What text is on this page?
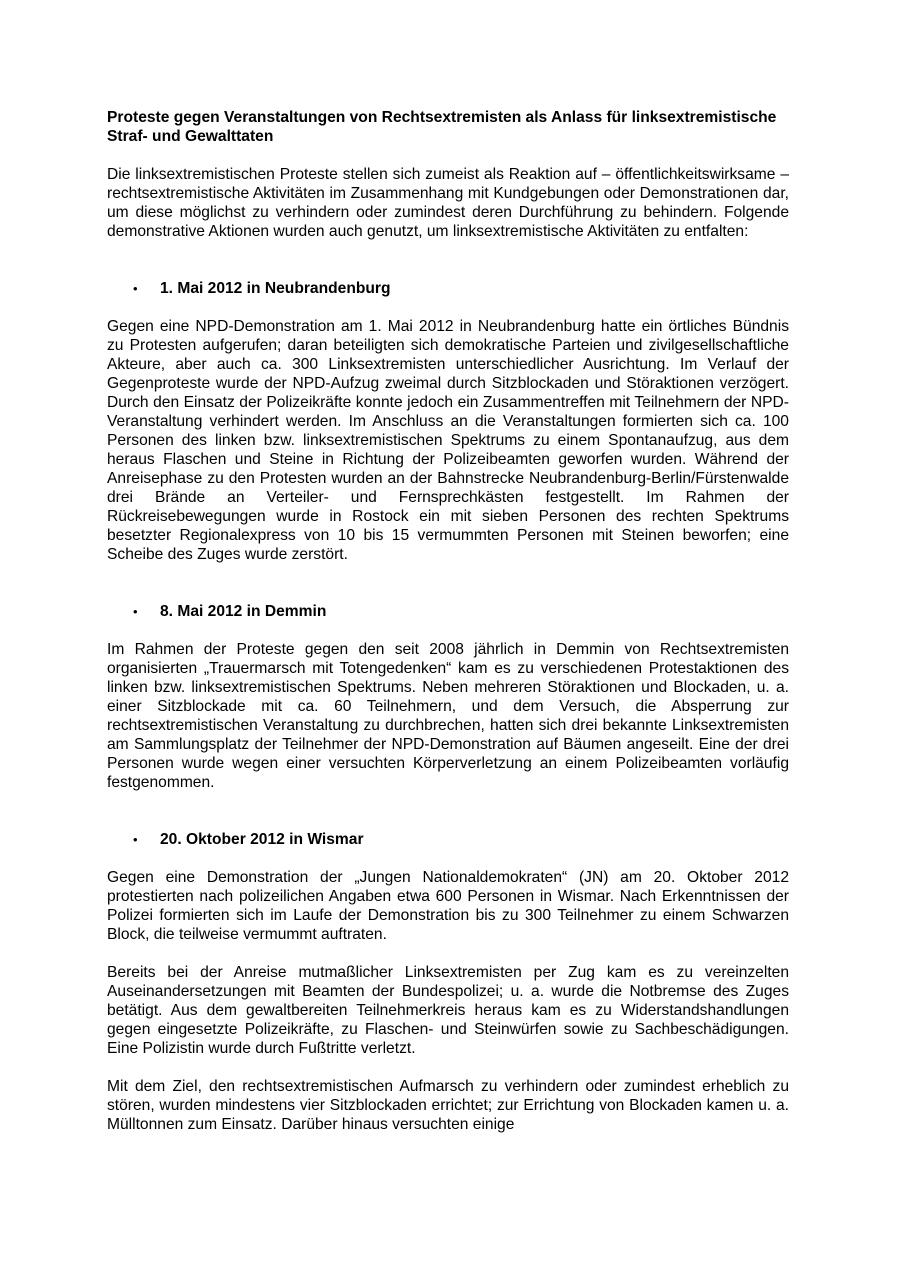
Proteste gegen Veranstaltungen von Rechtsextremisten als Anlass für linksextremistische Straf- und Gewalttaten

Die linksextremistischen Proteste stellen sich zumeist als Reaktion auf – öffentlichkeitswirksame – rechtsextremistische Aktivitäten im Zusammenhang mit Kundgebungen oder Demonstrationen dar, um diese möglichst zu verhindern oder zumindest deren Durchführung zu behindern. Folgende demonstrative Aktionen wurden auch genutzt, um linksextremistische Aktivitäten zu entfalten:

• 1. Mai 2012 in Neubrandenburg

Gegen eine NPD-Demonstration am 1. Mai 2012 in Neubrandenburg hatte ein örtliches Bündnis zu Protesten aufgerufen; daran beteiligten sich demokratische Parteien und zivilgesellschaftliche Akteure, aber auch ca. 300 Linksextremisten unterschiedlicher Ausrichtung. Im Verlauf der Gegenproteste wurde der NPD-Aufzug zweimal durch Sitzblockaden und Störaktionen verzögert. Durch den Einsatz der Polizeikräfte konnte jedoch ein Zusammentreffen mit Teilnehmern der NPD-Veranstaltung verhindert werden. Im Anschluss an die Veranstaltungen formierten sich ca. 100 Personen des linken bzw. linksextremistischen Spektrums zu einem Spontanaufzug, aus dem heraus Flaschen und Steine in Richtung der Polizeibeamten geworfen wurden. Während der Anreisephase zu den Protesten wurden an der Bahnstrecke Neubrandenburg-Berlin/Fürstenwalde drei Brände an Verteiler- und Fernsprechkästen festgestellt. Im Rahmen der Rückreisebewegungen wurde in Rostock ein mit sieben Personen des rechten Spektrums besetzter Regionalexpress von 10 bis 15 vermummten Personen mit Steinen beworfen; eine Scheibe des Zuges wurde zerstört.

• 8. Mai 2012 in Demmin

Im Rahmen der Proteste gegen den seit 2008 jährlich in Demmin von Rechtsextremisten organisierten „Trauermarsch mit Totengedenken“ kam es zu verschiedenen Protestaktionen des linken bzw. linksextremistischen Spektrums. Neben mehreren Störaktionen und Blockaden, u. a. einer Sitzblockade mit ca. 60 Teilnehmern, und dem Versuch, die Absperrung zur rechtsextremistischen Veranstaltung zu durchbrechen, hatten sich drei bekannte Linksextremisten am Sammlungsplatz der Teilnehmer der NPD-Demonstration auf Bäumen angeseilt. Eine der drei Personen wurde wegen einer versuchten Körperverletzung an einem Polizeibeamten vorläufig festgenommen.

• 20. Oktober 2012 in Wismar

Gegen eine Demonstration der „Jungen Nationaldemokraten“ (JN) am 20. Oktober 2012 protestierten nach polizeilichen Angaben etwa 600 Personen in Wismar. Nach Erkenntnissen der Polizei formierten sich im Laufe der Demonstration bis zu 300 Teilnehmer zu einem Schwarzen Block, die teilweise vermummt auftraten.

Bereits bei der Anreise mutmaßlicher Linksextremisten per Zug kam es zu vereinzelten Auseinandersetzungen mit Beamten der Bundespolizei; u. a. wurde die Notbremse des Zuges betätigt. Aus dem gewaltbereiten Teilnehmerkreis heraus kam es zu Widerstandshandlungen gegen eingesetzte Polizeikräfte, zu Flaschen- und Steinwürfen sowie zu Sachbeschädigungen. Eine Polizistin wurde durch Fußtritte verletzt.

Mit dem Ziel, den rechtsextremistischen Aufmarsch zu verhindern oder zumindest erheblich zu stören, wurden mindestens vier Sitzblockaden errichtet; zur Errichtung von Blockaden kamen u. a. Mülltonnen zum Einsatz. Darüber hinaus versuchten einige
